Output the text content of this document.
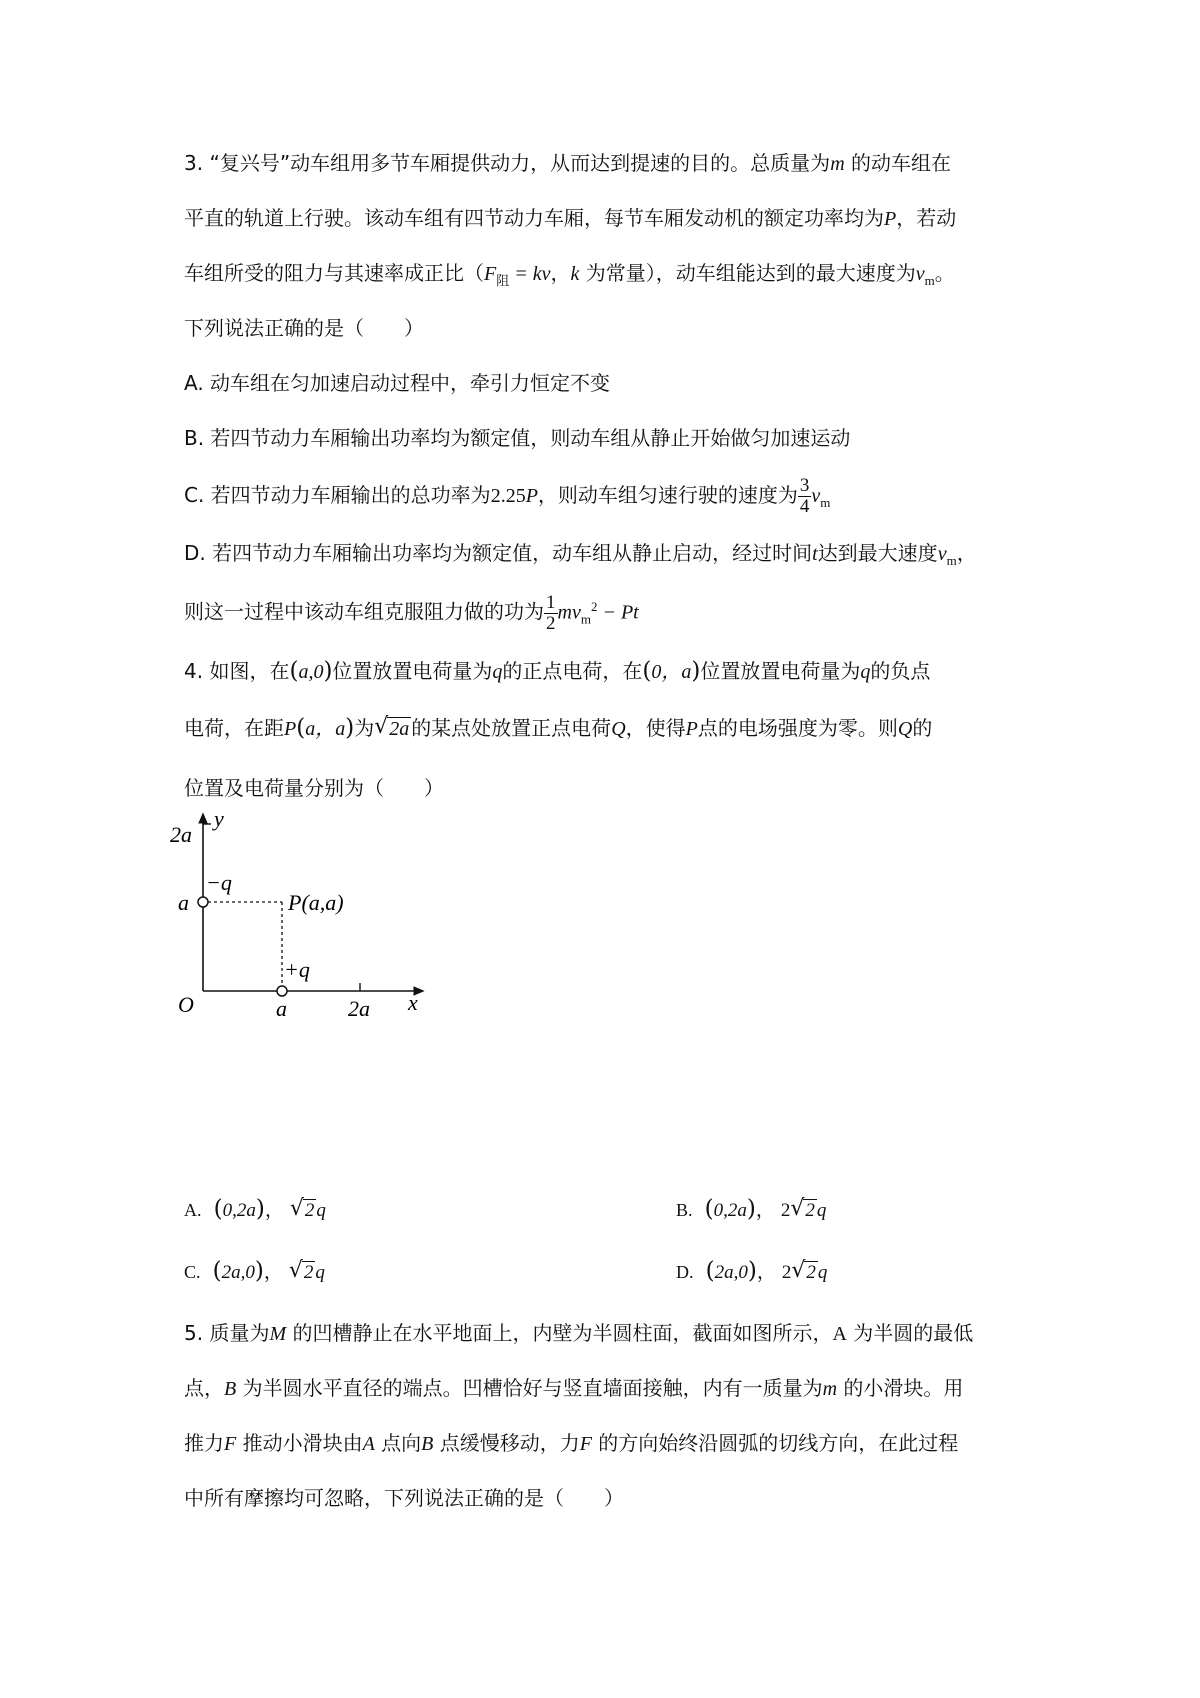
3. “复兴号”动车组用多节车厢提供动力，从而达到提速的目的。总质量为m 的动车组在
平直的轨道上行驶。该动车组有四节动力车厢，每节车厢发动机的额定功率均为P，若动
车组所受的阻力与其速率成正比（$F_阻$ = kv，k 为常量），动车组能达到的最大速度为$v_m$。
下列说法正确的是（　　）
A. 动车组在匀加速启动过程中，牵引力恒定不变
B. 若四节动力车厢输出功率均为额定值，则动车组从静止开始做匀加速运动
C. 若四节动力车厢输出的总功率为2.25P，则动车组匀速行驶的速度为 $\frac{3}{4} v_m$
D. 若四节动力车厢输出功率均为额定值，动车组从静止启动，经过时间t达到最大速度$v_m$，
则这一过程中该动车组克服阻力做的功为 $\frac{1}{2} mv_m^2 - Pt$
4. 如图，在(a,0)位置放置电荷量为q的正点电荷，在(0，a)位置放置电荷量为q的负点
电荷，在距P(a，a)为 √ 2a 的某点处放置正点电荷Q，使得P点的电场强度为零。则Q的
位置及电荷量分别为（　　）
y
x
O
2a
a
a	2a
−q
+q
P(a,a)
A. (0,2a)， √ 2 q	B. (0,2a)， 2 √ 2 q
C. (2a,0)， √ 2 q	D. (2a,0)， 2 √ 2 q
5. 质量为M 的凹槽静止在水平地面上，内壁为半圆柱面，截面如图所示，A 为半圆的最低
点，B 为半圆水平直径的端点。凹槽恰好与竖直墙面接触，内有一质量为m 的小滑块。用
推力F 推动小滑块由A 点向B 点缓慢移动，力F 的方向始终沿圆弧的切线方向，在此过程
中所有摩擦均可忽略，下列说法正确的是（　　）
